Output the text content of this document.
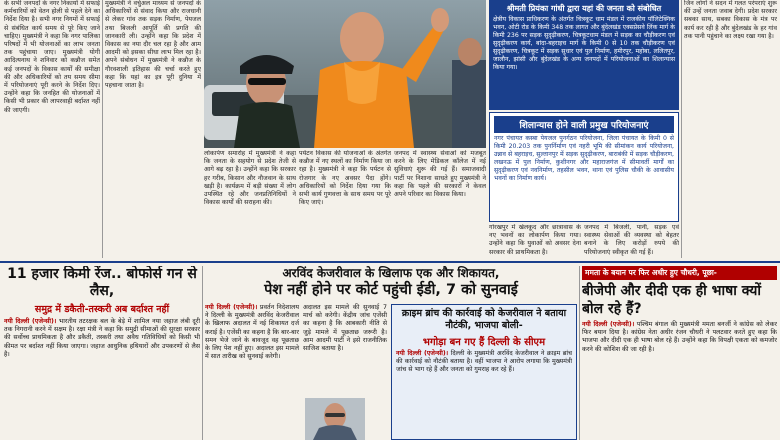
के सभी जनपदों के नगर निकायों में सफाई कर्मचारियों को वेतन होली से पहले देने का निर्देश दिया है। सभी नगर निगमों में सफाई से संबंधित कार्य समय से पूरे किए जाने चाहिए। मुख्यमंत्री ने कहा कि नगर पालिका परिषदों में भी योजनाओं का लाभ जनता तक पहुंचाया जाए। मुख्यमंत्री योगी आदित्यनाथ ने शनिवार को कन्नौज समेत कई जनपदों के विकास कार्यों की समीक्षा की और अधिकारियों को तय समय सीमा में परियोजनाएं पूरी करने के निर्देश दिए। उन्होंने कहा कि जनहित की योजनाओं में किसी भी प्रकार की लापरवाही बर्दाश्त नहीं की जाएगी।

मुख्यमंत्री ने वर्चुअल माध्यम से जनपदों के अधिकारियों से संवाद किया और राजधानी से लेकर गांव तक सड़क निर्माण, पेयजल तथा बिजली आपूर्ति की प्रगति की जानकारी ली। उन्होंने कहा कि प्रदेश में विकास का नया दौर चल रहा है और आम आदमी को इसका सीधा लाभ मिल रहा है। अपने संबोधन में मुख्यमंत्री ने कन्नौज के गौरवशाली इतिहास की चर्चा करते हुए कहा कि यहां का इत्र पूरी दुनिया में पहचाना जाता है।

लोकार्पण समारोह में मुख्यमंत्री ने कहा कि जनता के सहयोग से प्रदेश तेजी से आगे बढ़ रहा है। उन्होंने कहा कि सरकार हर गरीब, किसान और नौजवान के साथ खड़ी है। कार्यक्रम में बड़ी संख्या में लोग उपस्थित रहे और जनप्रतिनिधियों ने विकास कार्यों की सराहना की।

पर्यटन विकास की योजनाओं के अंतर्गत कन्नौज में नए स्थलों का निर्माण किया जा रहा है। मुख्यमंत्री ने कहा कि पर्यटन से रोजगार के नए अवसर पैदा होंगे। अधिकारियों को निर्देश दिया गया कि सभी कार्य गुणवत्ता के साथ समय पर पूरे किए जाएं।

जनपद में स्वास्थ्य सेवाओं को मजबूत करने के लिए मेडिकल कॉलेज में नई सुविधाएं शुरू की गई हैं। समाजवादी पार्टी पर निशाना साधते हुए मुख्यमंत्री ने कहा कि पहले की सरकारों ने केवल अपने परिवार का विकास किया।

श्रीमती प्रियंका गांधी द्वारा यहां की जनता को संबोधित
क्षेत्रीय विकास प्राधिकरण के अंतर्गत चित्रकूट धाम मंडल में राजकीय पॉलिटेक्निक भवन, ओटी रोड के किमी 348 तक लागत और बुंदेलखंड एक्सप्रेसवे लिंक मार्ग के किमी 236 पर सड़क सुदृढ़ीकरण, चित्रकूटधाम मंडल में सड़क का चौड़ीकरण एवं सुदृढ़ीकरण कार्य, बांदा-बहराइच मार्ग के किमी 0 से 10 तक चौड़ीकरण एवं सुदृढ़ीकरण, चित्रकूट में सड़क सुधार एवं पुल निर्माण, हमीरपुर, महोबा, ललितपुर, जालौन, झांसी और बुंदेलखंड के अन्य जनपदों में परियोजनाओं का शिलान्यास किया गया।
शिलान्यास होने वाली प्रमुख परियोजनाएं
नगर पंचायत कस्बा पेयजल पुनर्गठन परियोजना, जिला पंचायत के किमी 0 से किमी 20.203 तक पुनर्निर्माण एवं नहरी भूमि की सीमांकन कार्य परियोजना, उन्नाव से बहराइच, सुल्तानपुर में सड़क सुदृढ़ीकरण, बाराबंकी में सड़क चौड़ीकरण, लखनऊ में पुल निर्माण, कुशीनगर और महाराजगंज में सीमावर्ती मार्गों का सुदृढ़ीकरण एवं नवनिर्माण, तहसील भवन, थाना एवं पुलिस चौकी के आवासीय भवनों का निर्माण कार्य।

गोरखपुर में खेलकूद और छात्रावास के नए भवनों का लोकार्पण किया गया। उन्होंने कहा कि युवाओं को अवसर देना सरकार की प्राथमिकता है।

जनपद में बिजली, पानी, सड़क एवं स्वास्थ्य सेवाओं की व्यवस्था को बेहतर बनाने के लिए करोड़ों रुपये की परियोजनाएं स्वीकृत की गई हैं।

जिन लोगों ने सदन में गलत परंपराएं शुरू कीं उन्हें जनता जवाब देगी। प्रदेश सरकार सबका साथ, सबका विकास के मंत्र पर कार्य कर रही है और बुंदेलखंड के हर गांव तक पानी पहुंचाने का लक्ष्य रखा गया है।

11 हजार किमी रेंज.. बोफोर्स गन से लैस,
समुद्र में डकैती-तस्करी अब बर्दाश्त नहीं
नयी दिल्ली (एजेन्सी)। भारतीय तटरक्षक बल के बेड़े में शामिल नया जहाज लंबी दूरी तक निगरानी करने में सक्षम है। रक्षा मंत्री ने कहा कि समुद्री सीमाओं की सुरक्षा सरकार की सर्वोच्च प्राथमिकता है और डकैती, तस्करी तथा अवैध गतिविधियों को किसी भी कीमत पर बर्दाश्त नहीं किया जाएगा। जहाज आधुनिक हथियारों और उपकरणों से लैस है।
अरविंद केजरीवाल के खिलाफ एक और शिकायत,
पेश नहीं होने पर कोर्ट पहुंची ईडी, 7 को सुनवाई
नयी दिल्ली (एजेन्सी)। प्रवर्तन निदेशालय ने दिल्ली के मुख्यमंत्री अरविंद केजरीवाल के खिलाफ अदालत में नई शिकायत दर्ज कराई है। एजेंसी का कहना है कि बार-बार समन भेजे जाने के बावजूद वह पूछताछ के लिए पेश नहीं हुए। अदालत इस मामले में सात तारीख को सुनवाई करेगी।
अदालत इस मामले की सुनवाई 7 मार्च को करेगी। केंद्रीय जांच एजेंसी का कहना है कि आबकारी नीति से जुड़े मामले में पूछताछ जरूरी है। आम आदमी पार्टी ने इसे राजनीतिक साजिश बताया है।
क्राइम ब्रांच की कार्रवाई को केजरीवाल ने बताया नौटंकी, भाजपा बोली-
भगोड़ा बन गए हैं दिल्ली के सीएम
नयी दिल्ली (एजेन्सी)। दिल्ली के मुख्यमंत्री अरविंद केजरीवाल ने क्राइम ब्रांच की कार्रवाई को नौटंकी बताया है। वहीं भाजपा ने आरोप लगाया कि मुख्यमंत्री जांच से भाग रहे हैं और जनता को गुमराह कर रहे हैं।
ममता के बयान पर फिर अधीर हुए चौधरी, पूछा-
बीजेपी और दीदी एक ही भाषा क्यों बोल रहे हैं?
नयी दिल्ली (एजेन्सी)। पश्चिम बंगाल की मुख्यमंत्री ममता बनर्जी ने कांग्रेस को लेकर फिर बयान दिया है। कांग्रेस नेता अधीर रंजन चौधरी ने पलटवार करते हुए कहा कि भाजपा और दीदी एक ही भाषा बोल रहे हैं। उन्होंने कहा कि विपक्षी एकता को कमजोर करने की कोशिश की जा रही है।
